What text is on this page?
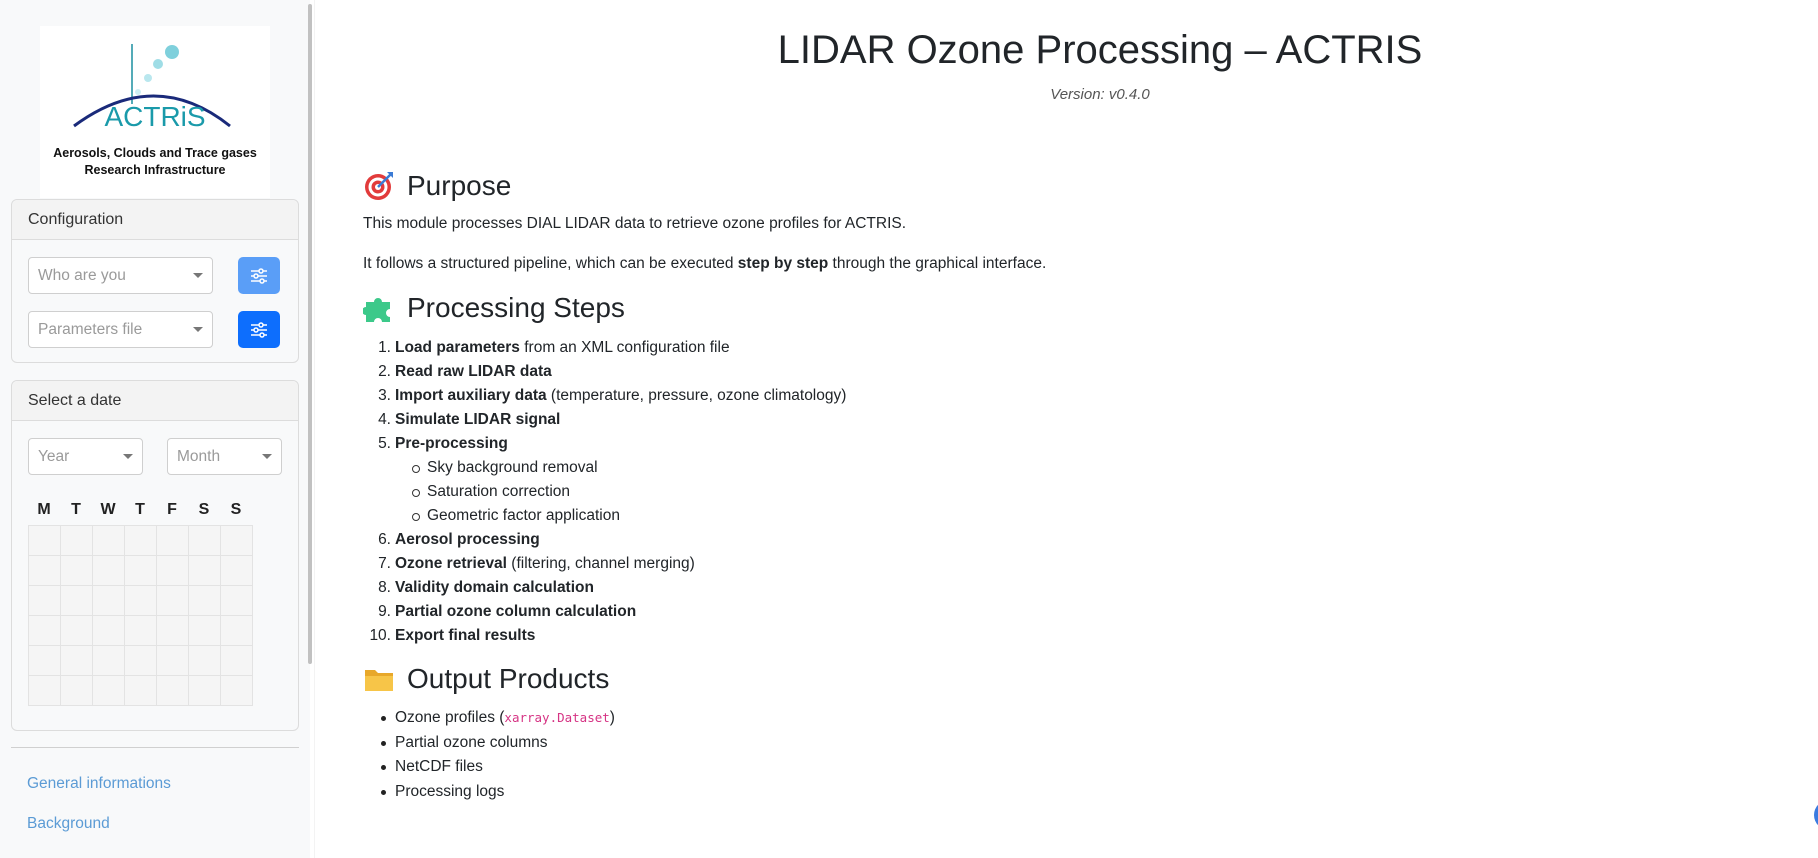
ACTRiS
Aerosols, Clouds and Trace gases
Research Infrastructure
Configuration
Who are you
Parameters file
Select a date
Year	Month
M	T	W	T	F	S	S
General informations
Background
LIDAR Ozone Processing – ACTRIS
Version: v0.4.0
Purpose

This module processes DIAL LIDAR data to retrieve ozone profiles for ACTRIS.

It follows a structured pipeline, which can be executed step by step through the graphical interface.

Processing Steps
1. Load parameters from an XML configuration file
2. Read raw LIDAR data
3. Import auxiliary data (temperature, pressure, ozone climatology)
4. Simulate LIDAR signal
5. Pre-processing
Sky background removal
Saturation correction
Geometric factor application
6. Aerosol processing
7. Ozone retrieval (filtering, channel merging)
8. Validity domain calculation
9. Partial ozone column calculation
10. Export final results
Output Products
Ozone profiles (xarray.Dataset)
Partial ozone columns
NetCDF files
Processing logs
